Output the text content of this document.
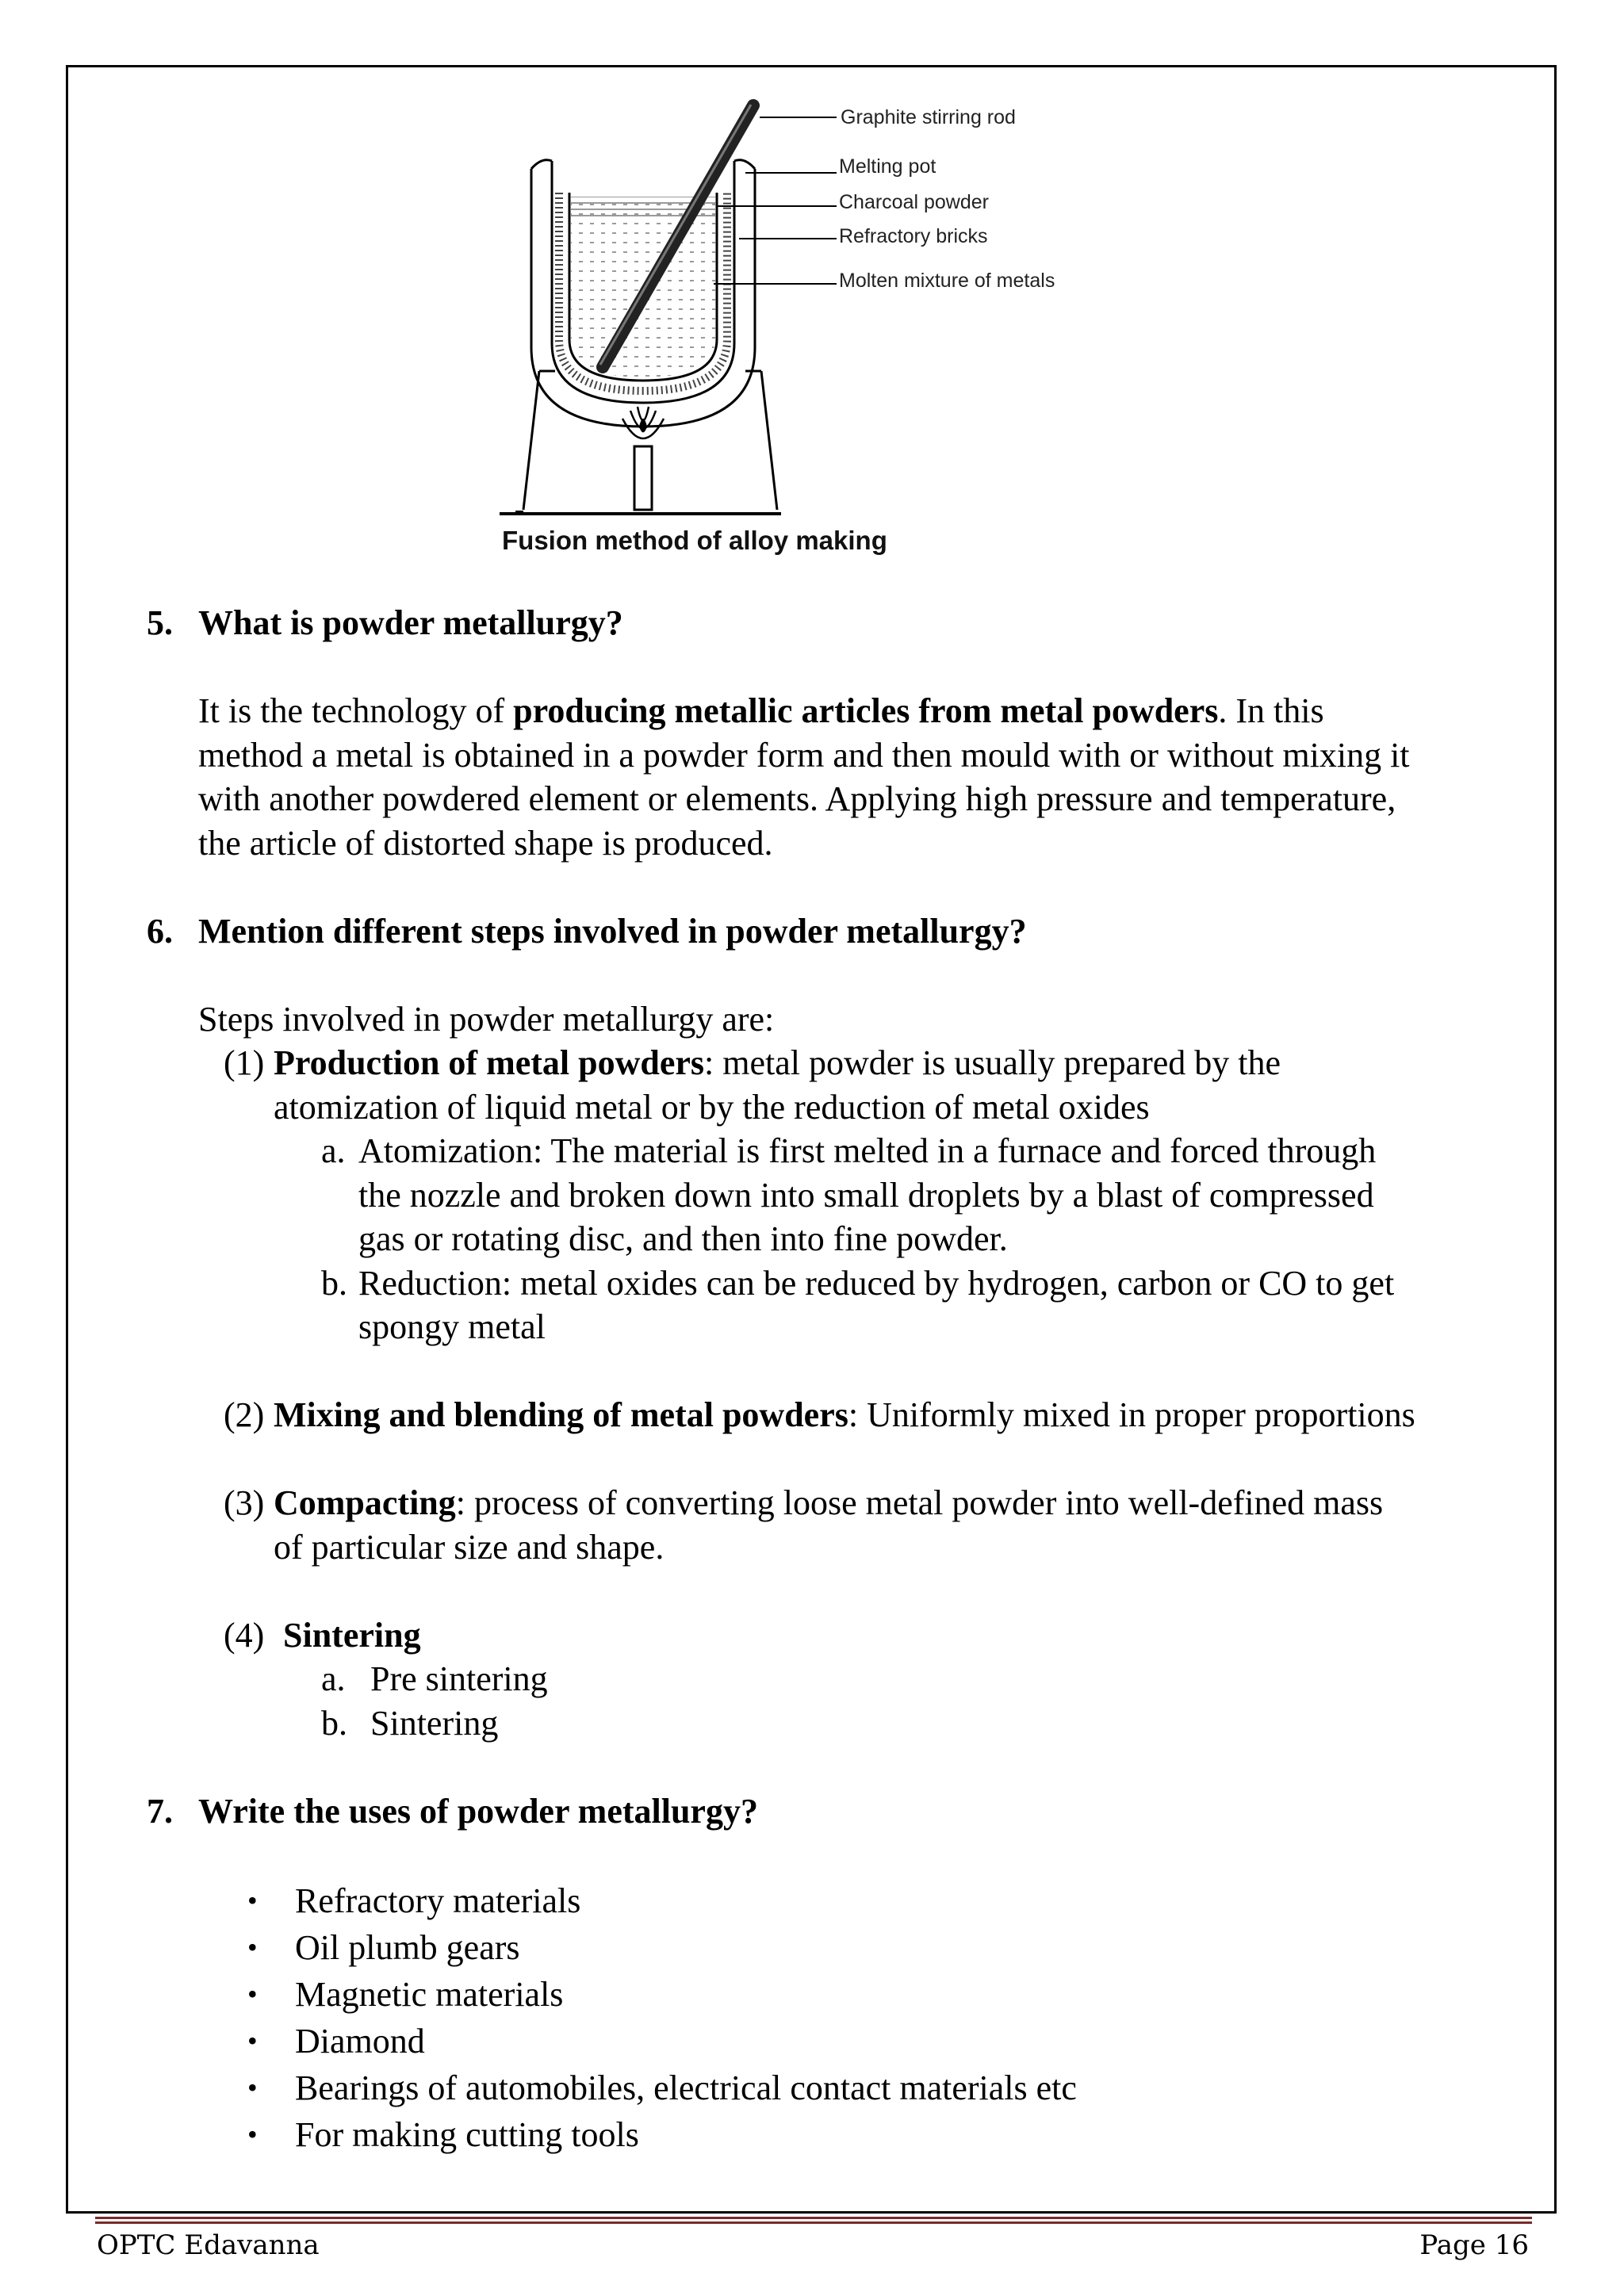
Graphite stirring rod
Melting pot
Charcoal powder
Refractory bricks
Molten mixture of metals
Fusion method of alloy making
5. What is powder metallurgy?

It is the technology of producing metallic articles from metal powders. In this

method a metal is obtained in a powder form and then mould with or without mixing it

with another powdered element or elements. Applying high pressure and temperature,

the article of distorted shape is produced.

6. Mention different steps involved in powder metallurgy?

Steps involved in powder metallurgy are:

(1) Production of metal powders: metal powder is usually prepared by the

atomization of liquid metal or by the reduction of metal oxides

a. Atomization: The material is first melted in a furnace and forced through

the nozzle and broken down into small droplets by a blast of compressed

gas or rotating disc, and then into fine powder.

b. Reduction: metal oxides can be reduced by hydrogen, carbon or CO to get

spongy metal

(2) Mixing and blending of metal powders: Uniformly mixed in proper proportions

(3) Compacting: process of converting loose metal powder into well-defined mass

of particular size and shape.

(4) Sintering

a. Pre sintering

b. Sintering

7. Write the uses of powder metallurgy?
•	Refractory materials
•	Oil plumb gears
•	Magnetic materials
•	Diamond
•	Bearings of automobiles, electrical contact materials etc
•	For making cutting tools
OPTC Edavanna	Page 16
